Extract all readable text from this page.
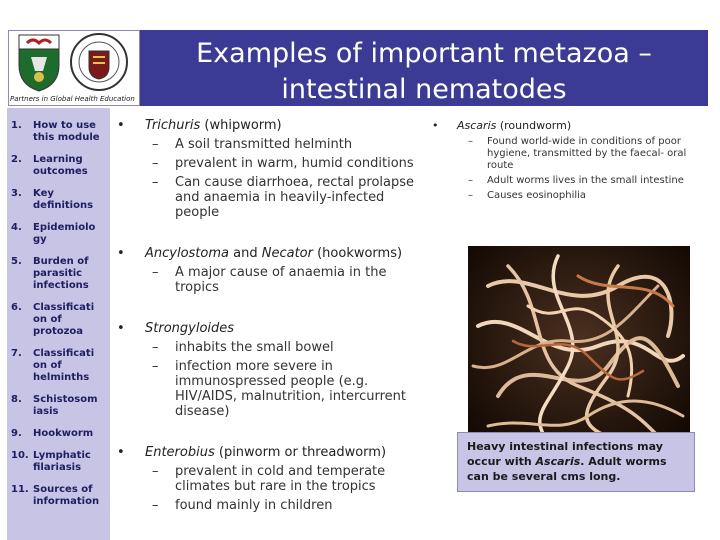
Examples of important metazoa –
intestinal nematodes
Partners in Global Health Education
1.	How to use this module
2.	Learning outcomes
3.	Key definitions
4.	Epidemiolo gy
5.	Burden of parasitic infections
6.	Classificati on of protozoa
7.	Classificati on of helminths
8.	Schistosom iasis
9.	Hookworm
10. Lymphatic filariasis
11. Sources of information
• Trichuris (whipworm)
– A soil transmitted helminth
– prevalent in warm, humid conditions
– Can cause diarrhoea, rectal prolapse and anaemia in heavily-infected people
• Ancylostoma and Necator (hookworms)
– A major cause of anaemia in the tropics
• Strongyloides
– inhabits the small bowel
– infection more severe in immunospressed people (e.g. HIV/AIDS, malnutrition, intercurrent disease)
• Enterobius (pinworm or threadworm)
– prevalent in cold and temperate climates but rare in the tropics
– found mainly in children
• Ascaris (roundworm)
– Found world-wide in conditions of poor hygiene, transmitted by the faecal- oral route
– Adult worms lives in the small intestine
– Causes eosinophilia
Heavy intestinal infections may occur with Ascaris. Adult worms can be several cms long.
